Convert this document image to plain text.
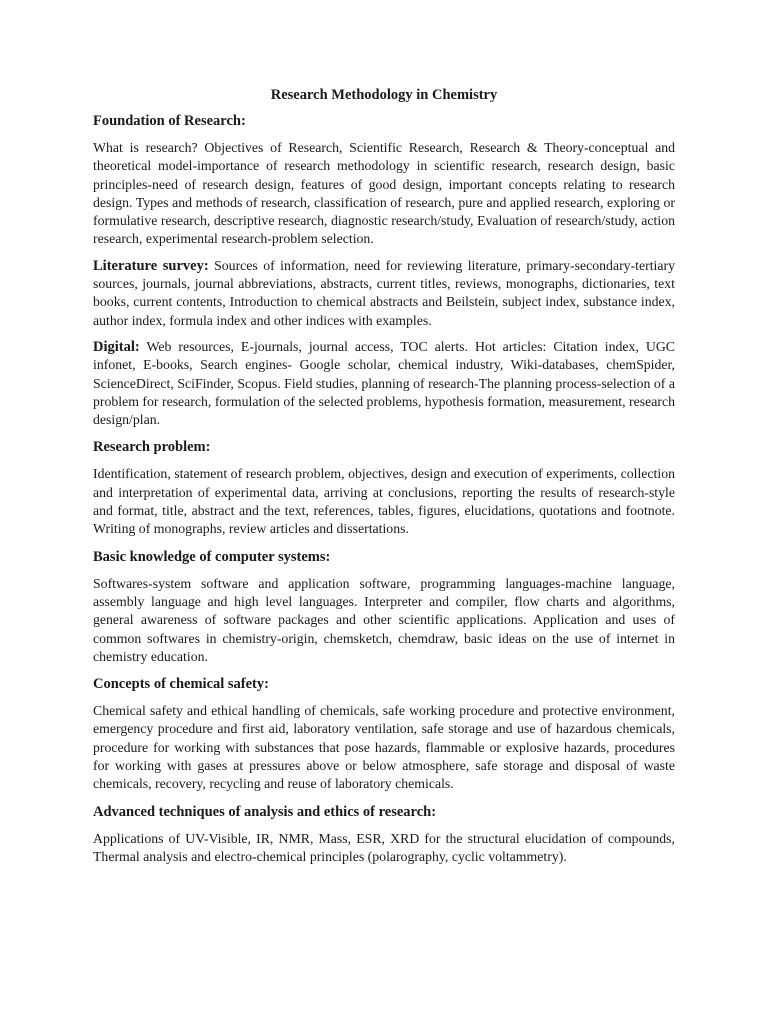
Research Methodology in Chemistry
Foundation of Research:

What is research? Objectives of Research, Scientific Research, Research & Theory-conceptual and theoretical model-importance of research methodology in scientific research, research design, basic principles-need of research design, features of good design, important concepts relating to research design. Types and methods of research, classification of research, pure and applied research, exploring or formulative research, descriptive research, diagnostic research/study, Evaluation of research/study, action research, experimental research-problem selection.

Literature survey: Sources of information, need for reviewing literature, primary-secondary-tertiary sources, journals, journal abbreviations, abstracts, current titles, reviews, monographs, dictionaries, text books, current contents, Introduction to chemical abstracts and Beilstein, subject index, substance index, author index, formula index and other indices with examples.

Digital: Web resources, E-journals, journal access, TOC alerts. Hot articles: Citation index, UGC infonet, E-books, Search engines- Google scholar, chemical industry, Wiki-databases, chemSpider, ScienceDirect, SciFinder, Scopus. Field studies, planning of research-The planning process-selection of a problem for research, formulation of the selected problems, hypothesis formation, measurement, research design/plan.

Research problem:

Identification, statement of research problem, objectives, design and execution of experiments, collection and interpretation of experimental data, arriving at conclusions, reporting the results of research-style and format, title, abstract and the text, references, tables, figures, elucidations, quotations and footnote. Writing of monographs, review articles and dissertations.

Basic knowledge of computer systems:

Softwares-system software and application software, programming languages-machine language, assembly language and high level languages. Interpreter and compiler, flow charts and algorithms, general awareness of software packages and other scientific applications. Application and uses of common softwares in chemistry-origin, chemsketch, chemdraw, basic ideas on the use of internet in chemistry education.

Concepts of chemical safety:

Chemical safety and ethical handling of chemicals, safe working procedure and protective environment, emergency procedure and first aid, laboratory ventilation, safe storage and use of hazardous chemicals, procedure for working with substances that pose hazards, flammable or explosive hazards, procedures for working with gases at pressures above or below atmosphere, safe storage and disposal of waste chemicals, recovery, recycling and reuse of laboratory chemicals.

Advanced techniques of analysis and ethics of research:

Applications of UV-Visible, IR, NMR, Mass, ESR, XRD for the structural elucidation of compounds, Thermal analysis and electro-chemical principles (polarography, cyclic voltammetry).
